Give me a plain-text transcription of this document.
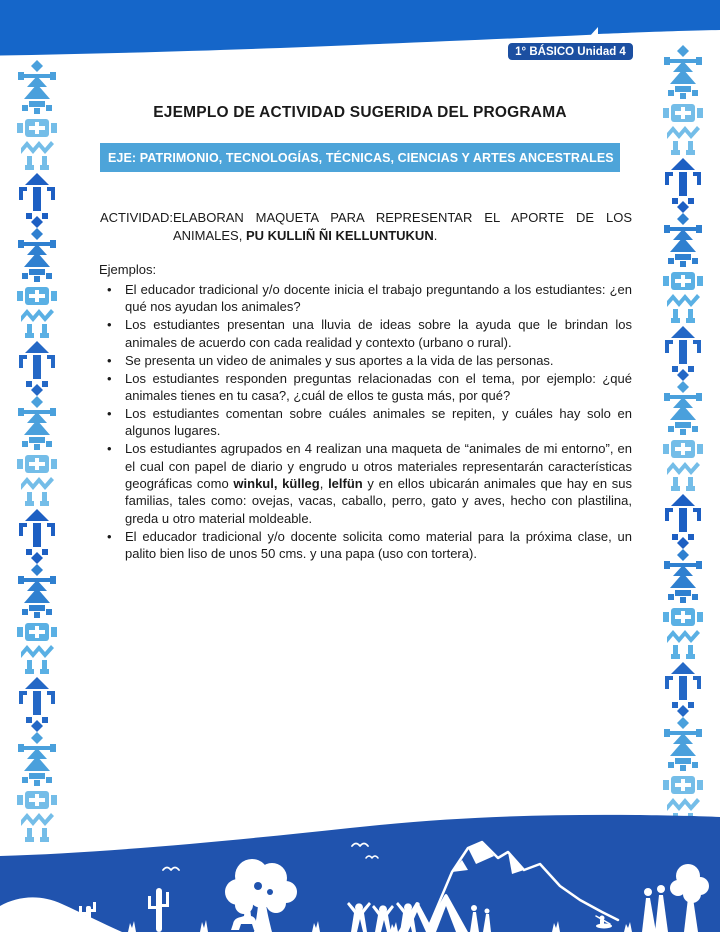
1° BÁSICO Unidad 4
EJEMPLO DE ACTIVIDAD SUGERIDA DEL PROGRAMA
EJE: PATRIMONIO, TECNOLOGÍAS, TÉCNICAS, CIENCIAS Y ARTES ANCESTRALES
ACTIVIDAD: ELABORAN MAQUETA PARA REPRESENTAR EL APORTE DE LOS ANIMALES, PU KULLIÑ ÑI KELLUNTUKUN.
Ejemplos:
• El educador tradicional y/o docente inicia el trabajo preguntando a los estudiantes: ¿en qué nos ayudan los animales?
• Los estudiantes presentan una lluvia de ideas sobre la ayuda que le brindan los animales de acuerdo con cada realidad y contexto (urbano o rural).
• Se presenta un video de animales y sus aportes a la vida de las personas.
• Los estudiantes responden preguntas relacionadas con el tema, por ejemplo: ¿qué animales tienes en tu casa?, ¿cuál de ellos te gusta más, por qué?
• Los estudiantes comentan sobre cuáles animales se repiten, y cuáles hay solo en algunos lugares.
• Los estudiantes agrupados en 4 realizan una maqueta de “animales de mi entorno”, en el cual con papel de diario y engrudo u otros materiales representarán características geográficas como winkul, külleg, lelfün y en ellos ubicarán animales que hay en sus familias, tales como: ovejas, vacas, caballo, perro, gato y aves, hecho con plastilina, greda u otro material moldeable.
• El educador tradicional y/o docente solicita como material para la próxima clase, un palito bien liso de unos 50 cms. y una papa (uso con tortera).
